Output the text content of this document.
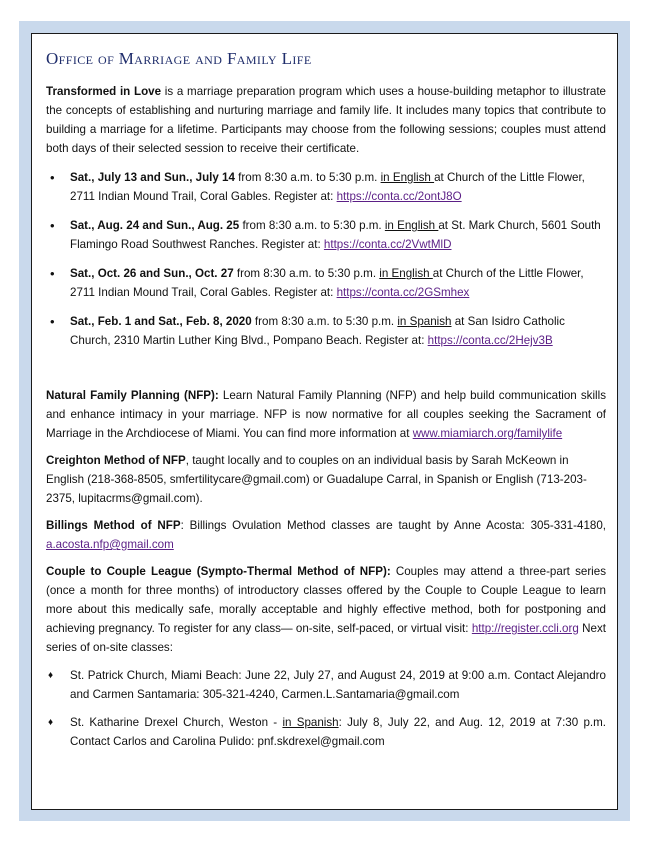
Office of Marriage and Family Life

Transformed in Love is a marriage preparation program which uses a house-building metaphor to illustrate the concepts of establishing and nurturing marriage and family life. It includes many topics that contribute to building a marriage for a lifetime. Participants may choose from the following sessions; couples must attend both days of their selected session to receive their certificate.

• Sat., July 13 and Sun., July 14 from 8:30 a.m. to 5:30 p.m. in English at Church of the Little Flower, 2711 Indian Mound Trail, Coral Gables. Register at: https://conta.cc/2ontJ8O
• Sat., Aug. 24 and Sun., Aug. 25 from 8:30 a.m. to 5:30 p.m. in English at St. Mark Church, 5601 South Flamingo Road Southwest Ranches. Register at: https://conta.cc/2VwtMlD
• Sat., Oct. 26 and Sun., Oct. 27 from 8:30 a.m. to 5:30 p.m. in English at Church of the Little Flower, 2711 Indian Mound Trail, Coral Gables. Register at: https://conta.cc/2GSmhex
• Sat., Feb. 1 and Sat., Feb. 8, 2020 from 8:30 a.m. to 5:30 p.m. in Spanish at San Isidro Catholic Church, 2310 Martin Luther King Blvd., Pompano Beach. Register at: https://conta.cc/2Hejv3B

Natural Family Planning (NFP): Learn Natural Family Planning (NFP) and help build communication skills and enhance intimacy in your marriage. NFP is now normative for all couples seeking the Sacrament of Marriage in the Archdiocese of Miami. You can find more information at www.miamiarch.org/familylife

Creighton Method of NFP, taught locally and to couples on an individual basis by Sarah McKeown in English (218-368-8505, smfertilitycare@gmail.com) or Guadalupe Carral, in Spanish or English (713-203-2375, lupitacrms@gmail.com).

Billings Method of NFP: Billings Ovulation Method classes are taught by Anne Acosta: 305-331-4180, a.acosta.nfp@gmail.com

Couple to Couple League (Sympto-Thermal Method of NFP): Couples may attend a three-part series (once a month for three months) of introductory classes offered by the Couple to Couple League to learn more about this medically safe, morally acceptable and highly effective method, both for postponing and achieving pregnancy. To register for any class— on-site, self-paced, or virtual visit: http://register.ccli.org Next series of on-site classes:

♦ St. Patrick Church, Miami Beach: June 22, July 27, and August 24, 2019 at 9:00 a.m. Contact Alejandro and Carmen Santamaria: 305-321-4240, Carmen.L.Santamaria@gmail.com
♦ St. Katharine Drexel Church, Weston - in Spanish: July 8, July 22, and Aug. 12, 2019 at 7:30 p.m. Contact Carlos and Carolina Pulido: pnf.skdrexel@gmail.com
